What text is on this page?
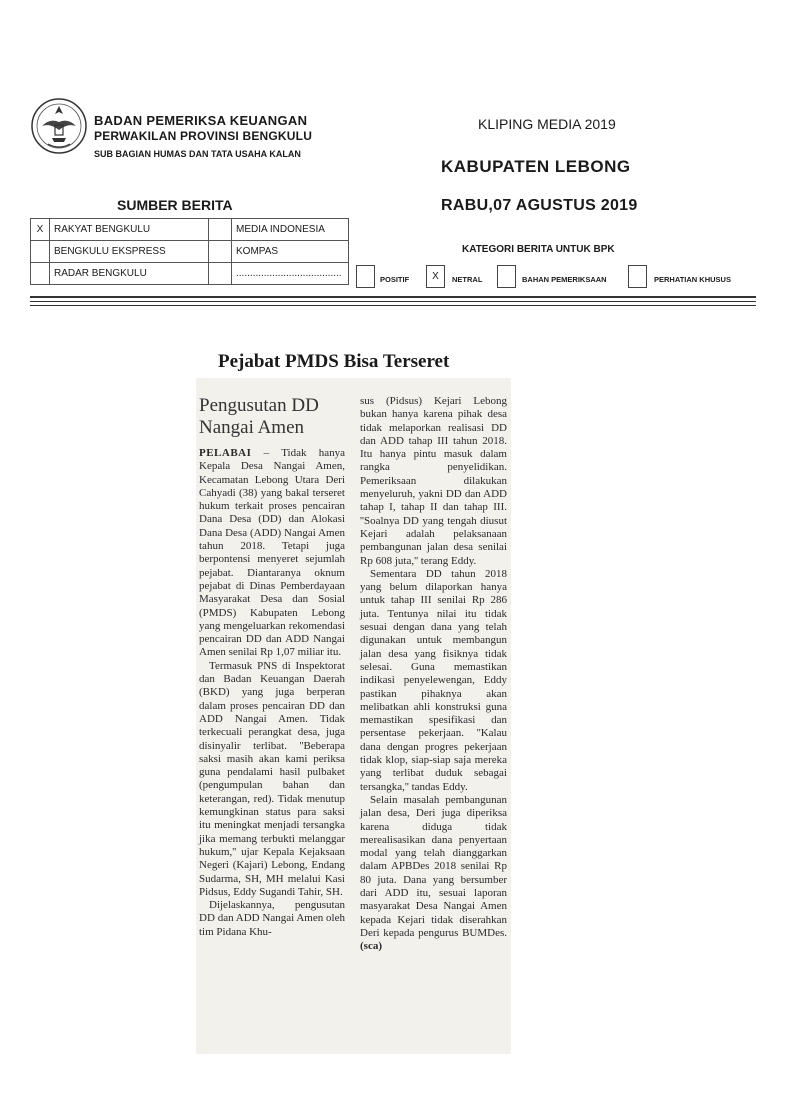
BADAN PEMERIKSA KEUANGAN
PERWAKILAN PROVINSI BENGKULU
SUB BAGIAN HUMAS DAN TATA USAHA KALAN
KLIPING MEDIA 2019
KABUPATEN LEBONG
RABU,07 AGUSTUS 2019
SUMBER BERITA
X	RAKYAT BENGKULU		MEDIA INDONESIA
	BENGKULU EKSPRESS		KOMPAS
	RADAR BENGKULU		......................................
KATEGORI BERITA UNTUK BPK
POSITIF	X	NETRAL	BAHAN PEMERIKSAAN	PERHATIAN KHUSUS
Pejabat PMDS Bisa Terseret
Pengusutan DD Nangai Amen

PELABAI – Tidak hanya Kepala Desa Nangai Amen, Kecamatan Lebong Utara Deri Cahyadi (38) yang bakal terseret hukum terkait proses pencairan Dana Desa (DD) dan Alokasi Dana Desa (ADD) Nangai Amen tahun 2018. Tetapi juga berpontensi menyeret sejumlah pejabat. Diantaranya oknum pejabat di Dinas Pemberdayaan Masyarakat Desa dan Sosial (PMDS) Kabupaten Lebong yang mengeluarkan rekomendasi pencairan DD dan ADD Nangai Amen senilai Rp 1,07 miliar itu.

Termasuk PNS di Inspektorat dan Badan Keuangan Daerah (BKD) yang juga berperan dalam proses pencairan DD dan ADD Nangai Amen. Tidak terkecuali perangkat desa, juga disinyalir terlibat. ''Beberapa saksi masih akan kami periksa guna pendalami hasil pulbaket (pengumpulan bahan dan keterangan, red). Tidak menutup kemungkinan status para saksi itu meningkat menjadi tersangka jika memang terbukti melanggar hukum,'' ujar Kepala Kejaksaan Negeri (Kajari) Lebong, Endang Sudarma, SH, MH melalui Kasi Pidsus, Eddy Sugandi Tahir, SH.

Dijelaskannya, pengusutan DD dan ADD Nangai Amen oleh tim Pidana Khu-

sus (Pidsus) Kejari Lebong bukan hanya karena pihak desa tidak melaporkan realisasi DD dan ADD tahap III tahun 2018. Itu hanya pintu masuk dalam rangka penyelidikan. Pemeriksaan dilakukan menyeluruh, yakni DD dan ADD tahap I, tahap II dan tahap III. ''Soalnya DD yang tengah diusut Kejari adalah pelaksanaan pembangunan jalan desa senilai Rp 608 juta,'' terang Eddy.

Sementara DD tahun 2018 yang belum dilaporkan hanya untuk tahap III senilai Rp 286 juta. Tentunya nilai itu tidak sesuai dengan dana yang telah digunakan untuk membangun jalan desa yang fisiknya tidak selesai. Guna memastikan indikasi penyelewengan, Eddy pastikan pihaknya akan melibatkan ahli konstruksi guna memastikan spesifikasi dan persentase pekerjaan. ''Kalau dana dengan progres pekerjaan tidak klop, siap-siap saja mereka yang terlibat duduk sebagai tersangka,'' tandas Eddy.

Selain masalah pembangunan jalan desa, Deri juga diperiksa karena diduga tidak merealisasikan dana penyertaan modal yang telah dianggarkan dalam APBDes 2018 senilai Rp 80 juta. Dana yang bersumber dari ADD itu, sesuai laporan masyarakat Desa Nangai Amen kepada Kejari tidak diserahkan Deri kepada pengurus BUMDes.(sca)
